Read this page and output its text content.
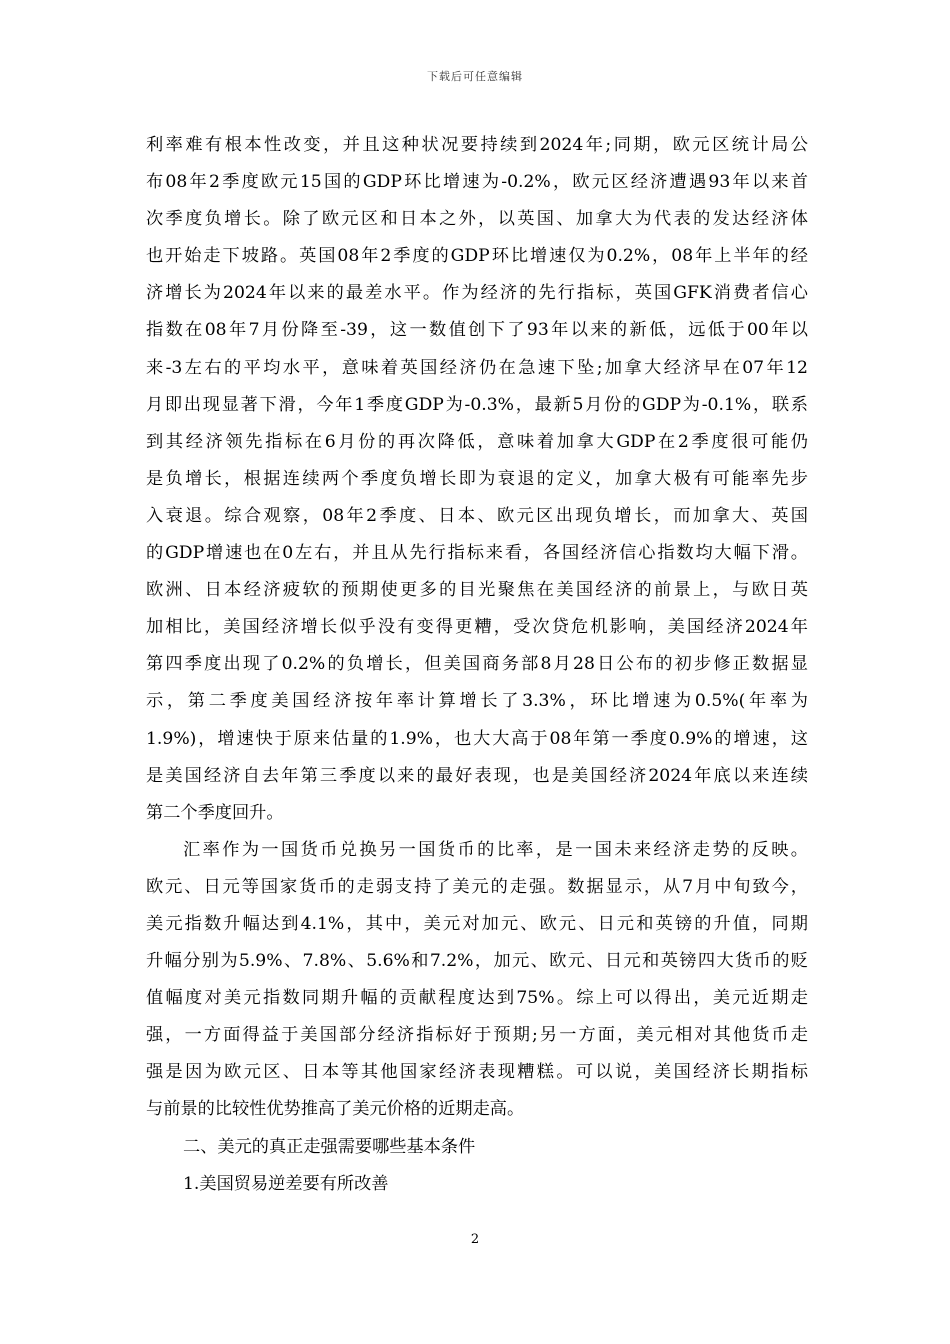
下载后可任意编辑
利率难有根本性改变，并且这种状况要持续到2024年;同期，欧元区统计局公
布08年2季度欧元15国的GDP环比增速为-0.2%，欧元区经济遭遇93年以来首
次季度负增长。除了欧元区和日本之外，以英国、加拿大为代表的发达经济体
也开始走下坡路。英国08年2季度的GDP环比增速仅为0.2%，08年上半年的经
济增长为2024年以来的最差水平。作为经济的先行指标，英国GFK消费者信心
指数在08年7月份降至-39，这一数值创下了93年以来的新低，远低于00年以
来-3左右的平均水平，意味着英国经济仍在急速下坠;加拿大经济早在07年12
月即出现显著下滑，今年1季度GDP为-0.3%，最新5月份的GDP为-0.1%，联系
到其经济领先指标在6月份的再次降低，意味着加拿大GDP在2季度很可能仍
是负增长，根据连续两个季度负增长即为衰退的定义，加拿大极有可能率先步
入衰退。综合观察，08年2季度、日本、欧元区出现负增长，而加拿大、英国
的GDP增速也在0左右，并且从先行指标来看，各国经济信心指数均大幅下滑。
欧洲、日本经济疲软的预期使更多的目光聚焦在美国经济的前景上，与欧日英
加相比，美国经济增长似乎没有变得更糟，受次贷危机影响，美国经济2024年
第四季度出现了0.2%的负增长，但美国商务部8月28日公布的初步修正数据显
示，第二季度美国经济按年率计算增长了3.3%，环比增速为0.5%(年率为
1.9%)，增速快于原来估量的1.9%，也大大高于08年第一季度0.9%的增速，这
是美国经济自去年第三季度以来的最好表现，也是美国经济2024年底以来连续
第二个季度回升。
汇率作为一国货币兑换另一国货币的比率，是一国未来经济走势的反映。
欧元、日元等国家货币的走弱支持了美元的走强。数据显示，从7月中旬致今，
美元指数升幅达到4.1%，其中，美元对加元、欧元、日元和英镑的升值，同期
升幅分别为5.9%、7.8%、5.6%和7.2%，加元、欧元、日元和英镑四大货币的贬
值幅度对美元指数同期升幅的贡献程度达到75%。综上可以得出，美元近期走
强，一方面得益于美国部分经济指标好于预期;另一方面，美元相对其他货币走
强是因为欧元区、日本等其他国家经济表现糟糕。可以说，美国经济长期指标
与前景的比较性优势推高了美元价格的近期走高。
二、美元的真正走强需要哪些基本条件
1.美国贸易逆差要有所改善
2
